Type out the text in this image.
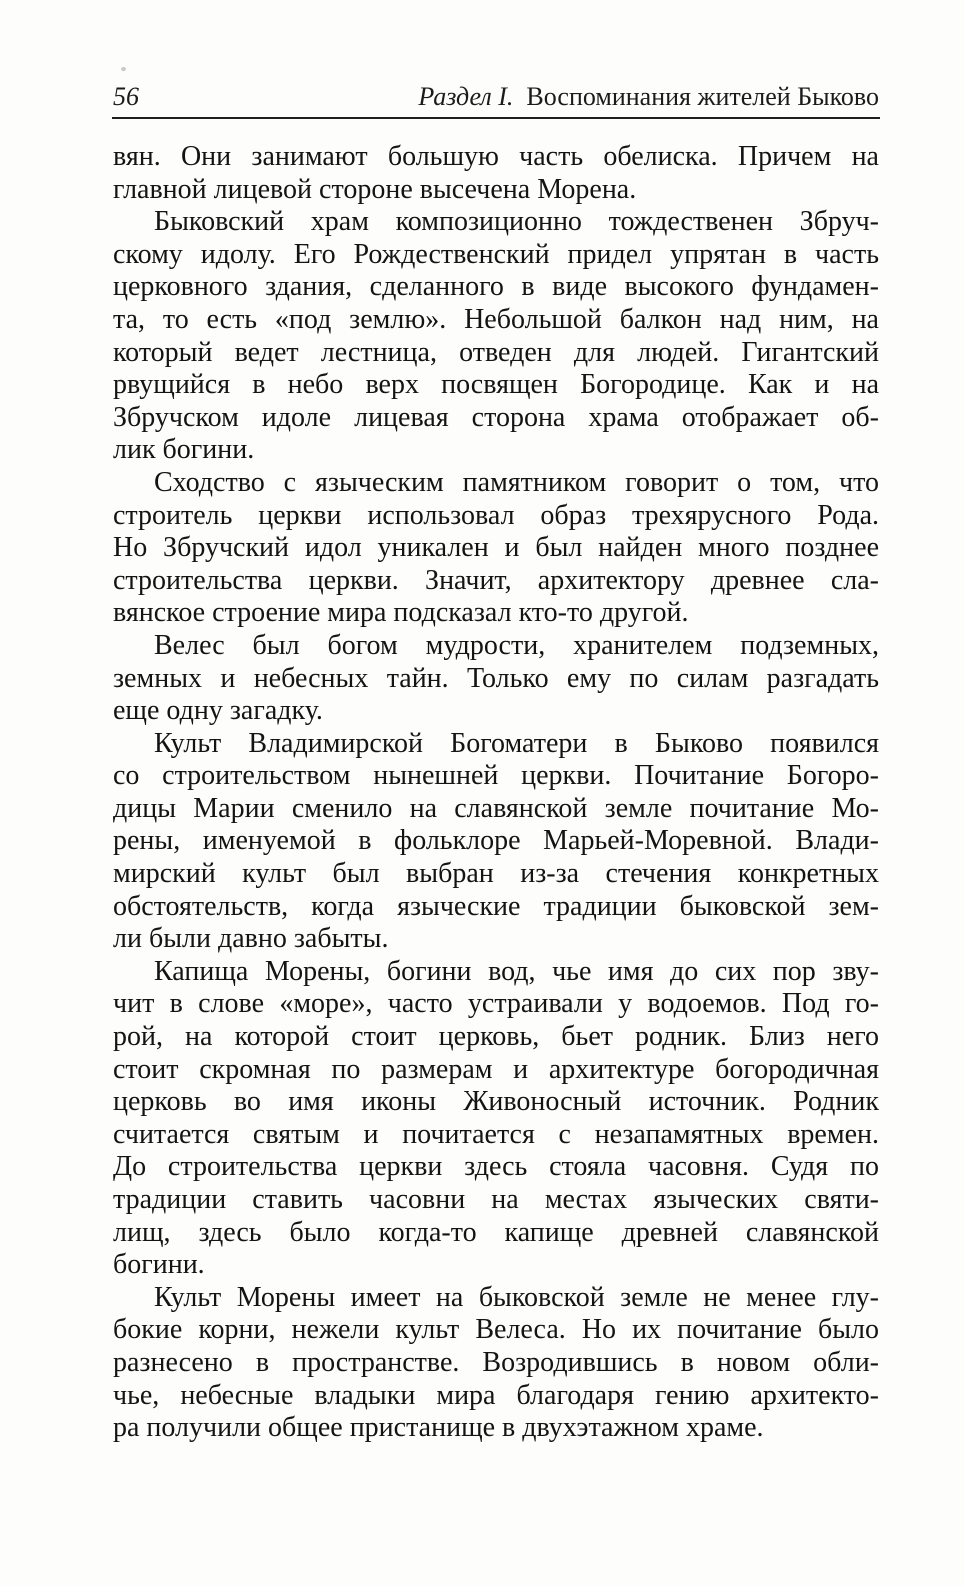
56	Раздел I.  Воспоминания жителей Быково
вян. Они занимают большую часть обелиска. Причем на
главной лицевой стороне высечена Морена.
Быковский храм композиционно тождественен Збруч-
скому идолу. Его Рождественский придел упрятан в часть
церковного здания, сделанного в виде высокого фундамен-
та, то есть «под землю». Небольшой балкон над ним, на
который ведет лестница, отведен для людей. Гигантский
рвущийся в небо верх посвящен Богородице. Как и на
Збручском идоле лицевая сторона храма отображает об-
лик богини.
Сходство с языческим памятником говорит о том, что
строитель церкви использовал образ трехярусного Рода.
Но Збручский идол уникален и был найден много позднее
строительства церкви. Значит, архитектору древнее сла-
вянское строение мира подсказал кто-то другой.
Велес был богом мудрости, хранителем подземных,
земных и небесных тайн. Только ему по силам разгадать
еще одну загадку.
Культ Владимирской Богоматери в Быково появился
со строительством нынешней церкви. Почитание Богоро-
дицы Марии сменило на славянской земле почитание Мо-
рены, именуемой в фольклоре Марьей-Моревной. Влади-
мирский культ был выбран из-за стечения конкретных
обстоятельств, когда языческие традиции быковской зем-
ли были давно забыты.
Капища Морены, богини вод, чье имя до сих пор зву-
чит в слове «море», часто устраивали у водоемов. Под го-
рой, на которой стоит церковь, бьет родник. Близ него
стоит скромная по размерам и архитектуре богородичная
церковь во имя иконы Живоносный источник. Родник
считается святым и почитается с незапамятных времен.
До строительства церкви здесь стояла часовня. Судя по
традиции ставить часовни на местах языческих святи-
лищ, здесь было когда-то капище древней славянской
богини.
Культ Морены имеет на быковской земле не менее глу-
бокие корни, нежели культ Велеса. Но их почитание было
разнесено в пространстве. Возродившись в новом обли-
чье, небесные владыки мира благодаря гению архитекто-
ра получили общее пристанище в двухэтажном храме.
